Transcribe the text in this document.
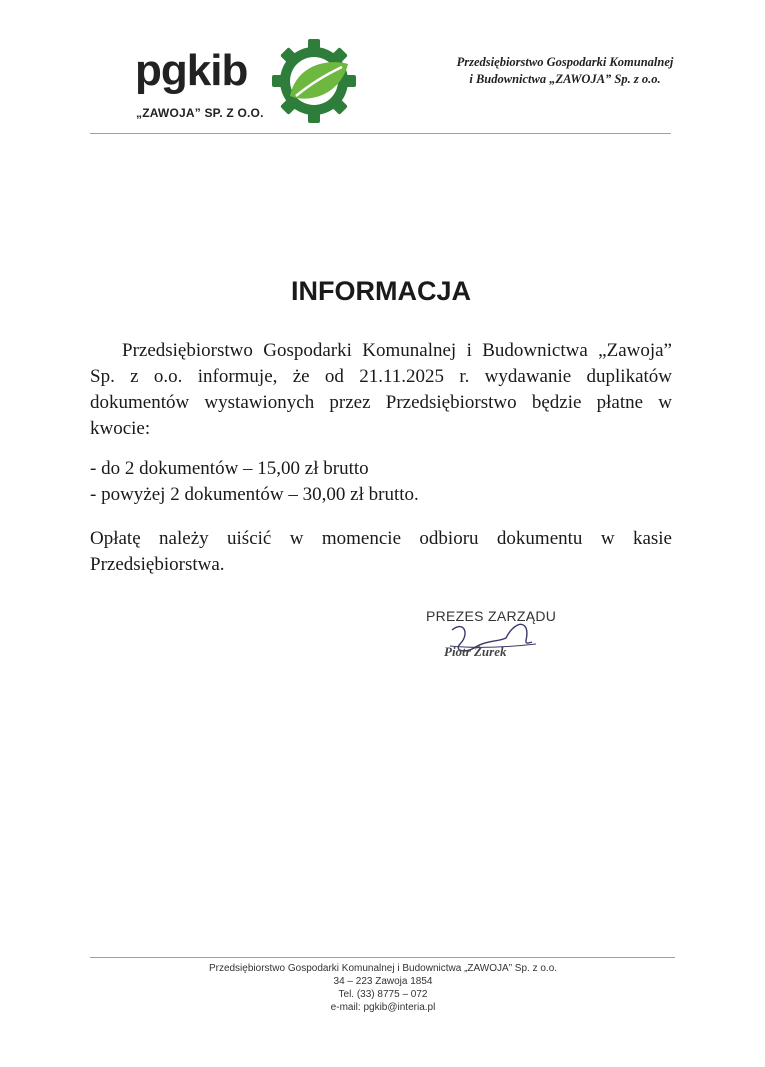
pgkib
„ZAWOJA” SP. Z O.O.
Przedsiębiorstwo Gospodarki Komunalnej
i Budownictwa „ZAWOJA” Sp. z o.o.
INFORMACJA

Przedsiębiorstwo Gospodarki Komunalnej i Budownictwa „Zawoja” Sp. z o.o. informuje, że od 21.11.2025 r. wydawanie duplikatów dokumentów wystawionych przez Przedsiębiorstwo będzie płatne w kwocie:

- do 2 dokumentów – 15,00 zł brutto
- powyżej 2 dokumentów – 30,00 zł brutto.

Opłatę należy uiścić w momencie odbioru dokumentu w kasie Przedsiębiorstwa.

PREZES ZARZĄDU
Piotr Żurek
Przedsiębiorstwo Gospodarki Komunalnej i Budownictwa „ZAWOJA” Sp. z o.o.
34 – 223 Zawoja 1854
Tel. (33) 8775 – 072
e-mail: pgkib@interia.pl
